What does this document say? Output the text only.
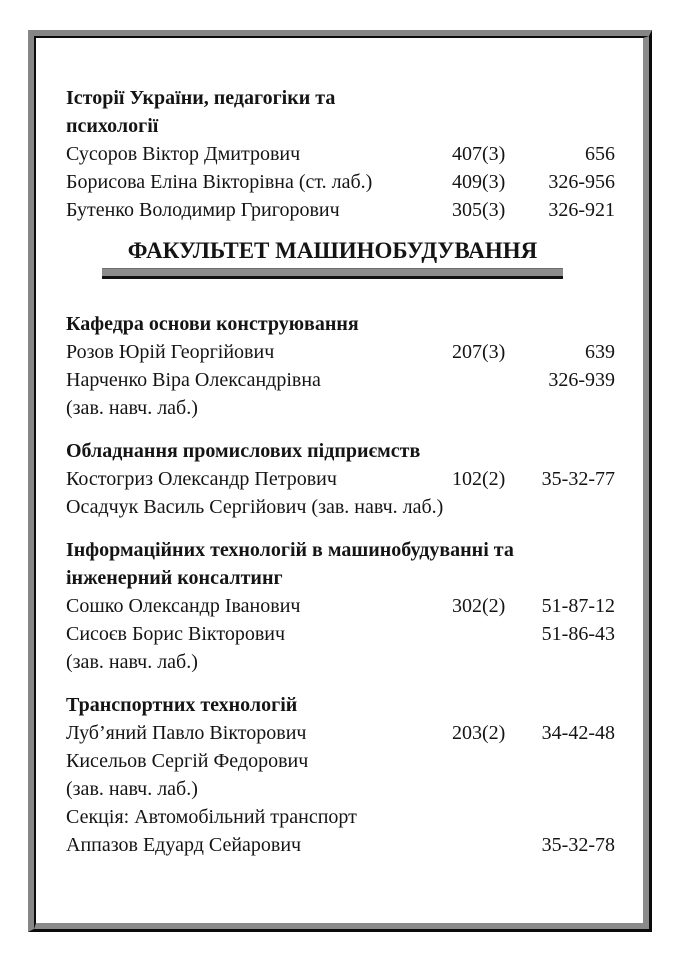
Історії України, педагогіки та
психології
Сусоров Віктор Дмитрович	407(3)	656
Борисова Еліна Вікторівна (ст. лаб.)	409(3)	326-956
Бутенко Володимир Григорович	305(3)	326-921
ФАКУЛЬТЕТ МАШИНОБУДУВАННЯ
Кафедра основи конструювання
Розов Юрій Георгійович	207(3)	639
Нарченко Віра Олександрівна	326-939
(зав. навч. лаб.)
Обладнання промислових підприємств
Костогриз Олександр Петрович	102(2)	35-32-77
Осадчук Василь Сергійович (зав. навч. лаб.)
Інформаційних технологій в машинобудуванні та
інженерний консалтинг
Сошко Олександр Іванович	302(2)	51-87-12
Сисоєв Борис Вікторович	51-86-43
(зав. навч. лаб.)
Транспортних технологій
Луб’яний Павло Вікторович	203(2)	34-42-48
Кисельов Сергій Федорович
(зав. навч. лаб.)
Секція: Автомобільний транспорт
Аппазов Едуард Сейарович	35-32-78
